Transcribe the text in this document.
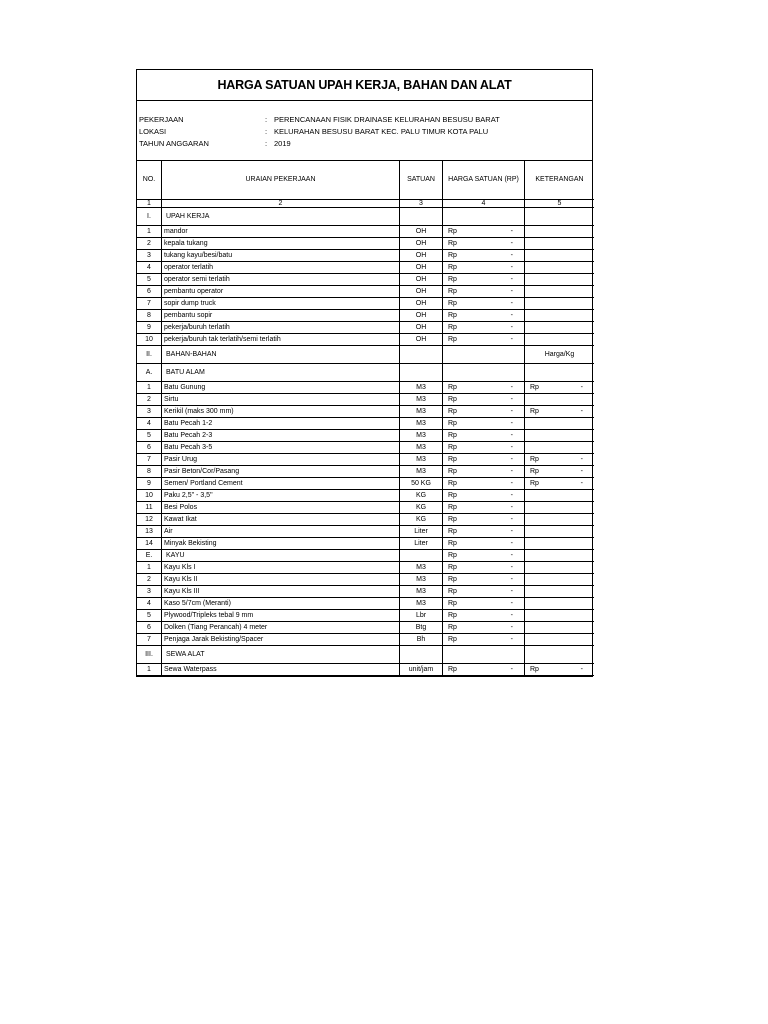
HARGA SATUAN UPAH KERJA, BAHAN DAN ALAT
PEKERJAAN	: PERENCANAAN FISIK DRAINASE KELURAHAN BESUSU BARAT
LOKASI	: KELURAHAN BESUSU BARAT KEC. PALU TIMUR KOTA PALU
TAHUN ANGGARAN	: 2019
NO.	URAIAN PEKERJAAN	SATUAN	HARGA SATUAN (RP)	KETERANGAN
1	2	3	4	5
I.	UPAH KERJA			
1	mandor	OH	Rp -	

2	kepala tukang	OH	Rp -	

3	tukang kayu/besi/batu	OH	Rp -	

4	operator terlatih	OH	Rp -	

5	operator semi terlatih	OH	Rp -	

6	pembantu operator	OH	Rp -	

7	sopir dump truck	OH	Rp -	

8	pembantu sopir	OH	Rp -	

9	pekerja/buruh terlatih	OH	Rp -	

10	pekerja/buruh tak terlatih/semi terlatih	OH	Rp -	

II.	BAHAN-BAHAN			Harga/Kg
A.	BATU ALAM			
1	Batu Gunung	M3	Rp -	Rp -

2	Sirtu	M3	Rp -	

3	Kerikil (maks 300 mm)	M3	Rp -	Rp -

4	Batu Pecah 1-2	M3	Rp -	

5	Batu Pecah 2-3	M3	Rp -	

6	Batu Pecah 3-5	M3	Rp -	

7	Pasir Urug	M3	Rp -	Rp -

8	Pasir Beton/Cor/Pasang	M3	Rp -	Rp -

9	Semen/ Portland Cement	50 KG	Rp -	Rp -

10	Paku 2,5" - 3,5"	KG	Rp -	

11	Besi Polos	KG	Rp -	

12	Kawat Ikat	KG	Rp -	

13	Air	Liter	Rp -	

14	Minyak Bekisting	Liter	Rp -	

E.	KAYU		Rp -	

1	Kayu Kls I	M3	Rp -	

2	Kayu Kls II	M3	Rp -	

3	Kayu Kls III	M3	Rp -	

4	Kaso 5/7cm (Meranti)	M3	Rp -	

5	Plywood/Tripleks tebal 9 mm	Lbr	Rp -	

6	Dolken (Tiang Perancah) 4 meter	Btg	Rp -	

7	Penjaga Jarak Bekisting/Spacer	Bh	Rp -	

III.	SEWA ALAT			
1	Sewa Waterpass	unit/jam	Rp -	Rp -
